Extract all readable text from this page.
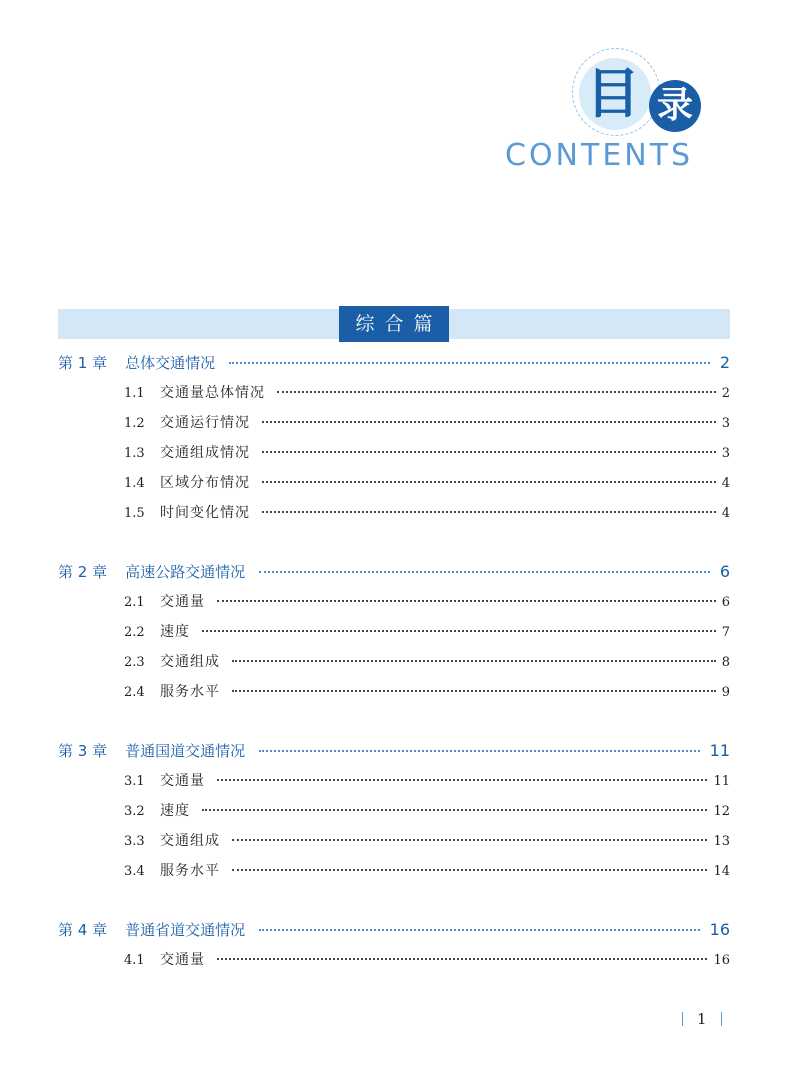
目 录
CONTENTS
综合篇
第 1 章 总体交通情况	2
1.1	交通量总体情况	2
1.2	交通运行情况	3
1.3	交通组成情况	3
1.4	区域分布情况	4
1.5	时间变化情况	4
第 2 章 高速公路交通情况	6
2.1	交通量	6
2.2	速度	7
2.3	交通组成	8
2.4	服务水平	9
第 3 章 普通国道交通情况	11
3.1	交通量	11
3.2	速度	12
3.3	交通组成	13
3.4	服务水平	14
第 4 章 普通省道交通情况	16
4.1	交通量	16
1
